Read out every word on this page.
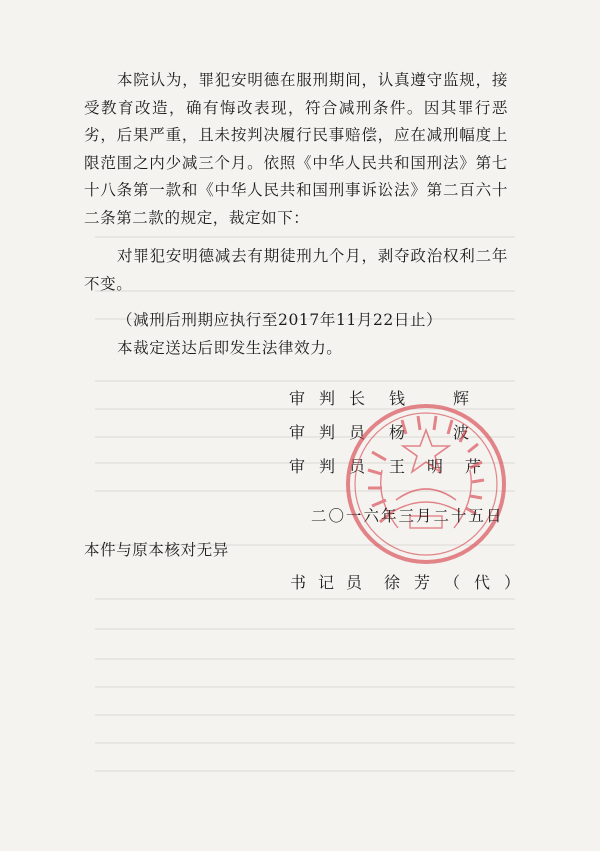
本院认为，罪犯安明德在服刑期间，认真遵守监规，接受教育改造，确有悔改表现，符合减刑条件。因其罪行恶劣，后果严重，且未按判决履行民事赔偿，应在减刑幅度上限范围之内少减三个月。依照《中华人民共和国刑法》第七十八条第一款和《中华人民共和国刑事诉讼法》第二百六十二条第二款的规定，裁定如下：

对罪犯安明德减去有期徒刑九个月，剥夺政治权利二年不变。

（减刑后刑期应执行至2017年11月22日止）
本裁定送达后即发生法律效力。
审判长 钱辉
审判员 杨波
审判员 王明芹
二〇一六年三月二十五日
本件与原本核对无异
书记员 徐芳（代）
